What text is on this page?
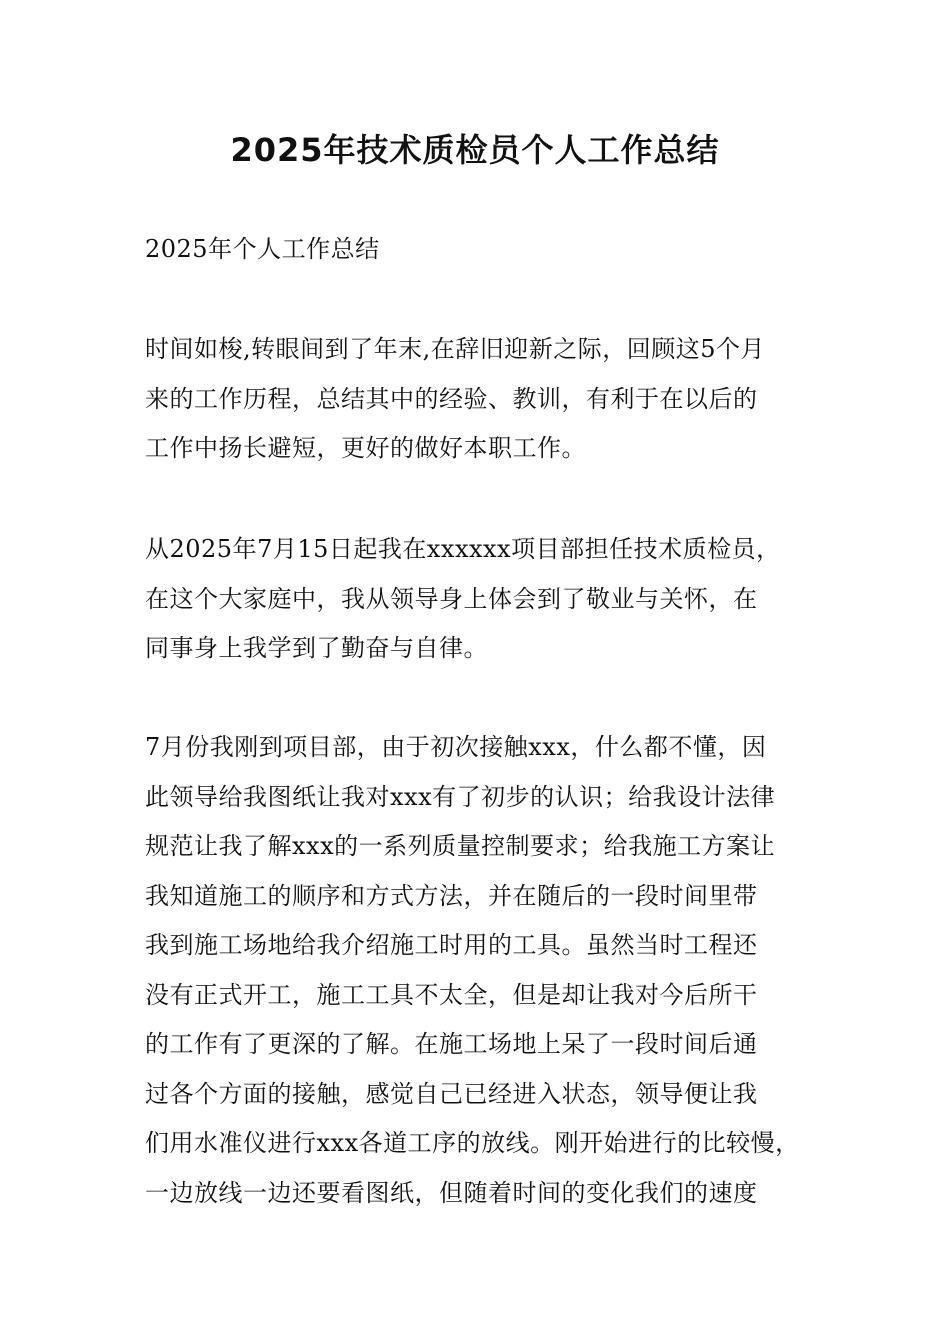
2025年技术质检员个人工作总结

2025年个人工作总结

时间如梭,转眼间到了年末,在辞旧迎新之际，回顾这5个月
来的工作历程，总结其中的经验、教训，有利于在以后的
工作中扬长避短，更好的做好本职工作。

从2025年7月15日起我在xxxxxx项目部担任技术质检员，
在这个大家庭中，我从领导身上体会到了敬业与关怀，在
同事身上我学到了勤奋与自律。

7月份我刚到项目部，由于初次接触xxx，什么都不懂，因
此领导给我图纸让我对xxx有了初步的认识；给我设计法律
规范让我了解xxx的一系列质量控制要求；给我施工方案让
我知道施工的顺序和方式方法，并在随后的一段时间里带
我到施工场地给我介绍施工时用的工具。虽然当时工程还
没有正式开工，施工工具不太全，但是却让我对今后所干
的工作有了更深的了解。在施工场地上呆了一段时间后通
过各个方面的接触，感觉自己已经进入状态，领导便让我
们用水准仪进行xxx各道工序的放线。刚开始进行的比较慢，
一边放线一边还要看图纸，但随着时间的变化我们的速度
